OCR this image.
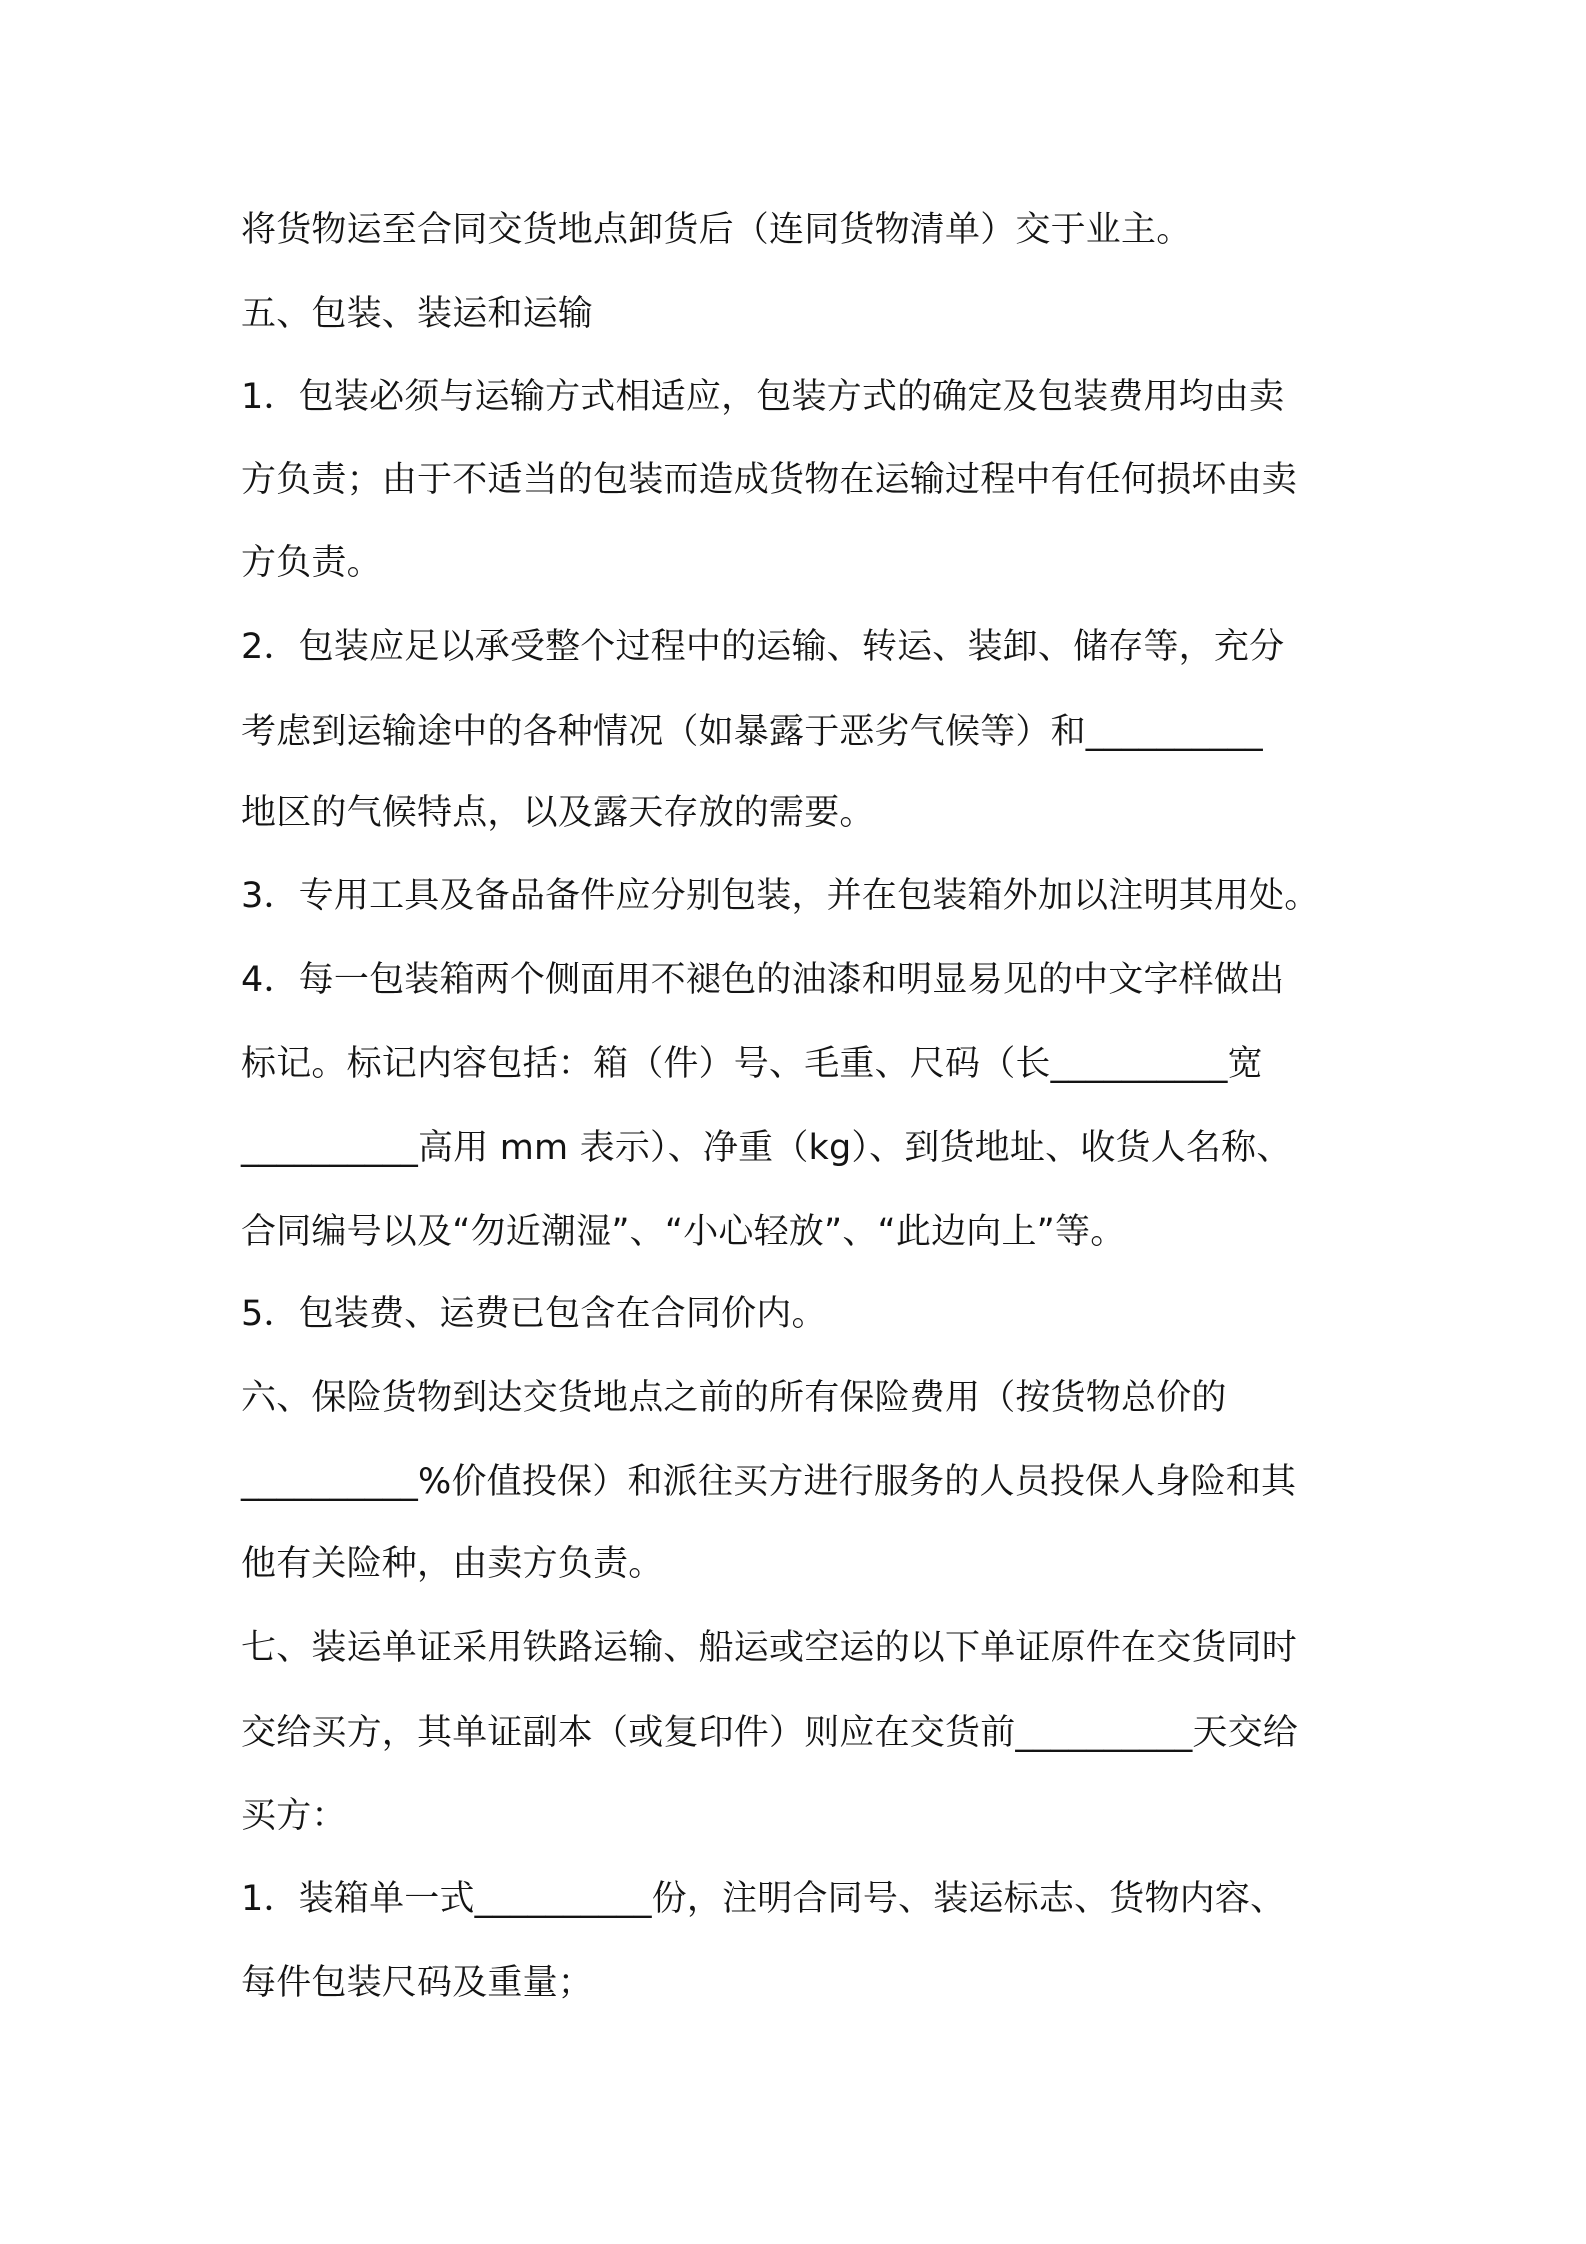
将货物运至合同交货地点卸货后（连同货物清单）交于业主。
五、包装、装运和运输
1．包装必须与运输方式相适应，包装方式的确定及包装费用均由卖
方负责；由于不适当的包装而造成货物在运输过程中有任何损坏由卖
方负责。
2．包装应足以承受整个过程中的运输、转运、装卸、储存等，充分
考虑到运输途中的各种情况（如暴露于恶劣气候等）和__________
地区的气候特点，以及露天存放的需要。
3．专用工具及备品备件应分别包装，并在包装箱外加以注明其用处。
4．每一包装箱两个侧面用不褪色的油漆和明显易见的中文字样做出
标记。标记内容包括：箱（件）号、毛重、尺码（长__________宽
__________高用 mm 表示）、净重（kg）、到货地址、收货人名称、
合同编号以及“勿近潮湿”、“小心轻放”、“此边向上”等。
5．包装费、运费已包含在合同价内。
六、保险货物到达交货地点之前的所有保险费用（按货物总价的
__________%价值投保）和派往买方进行服务的人员投保人身险和其
他有关险种，由卖方负责。
七、装运单证采用铁路运输、船运或空运的以下单证原件在交货同时
交给买方，其单证副本（或复印件）则应在交货前__________天交给
买方：
1．装箱单一式__________份，注明合同号、装运标志、货物内容、
每件包装尺码及重量；
